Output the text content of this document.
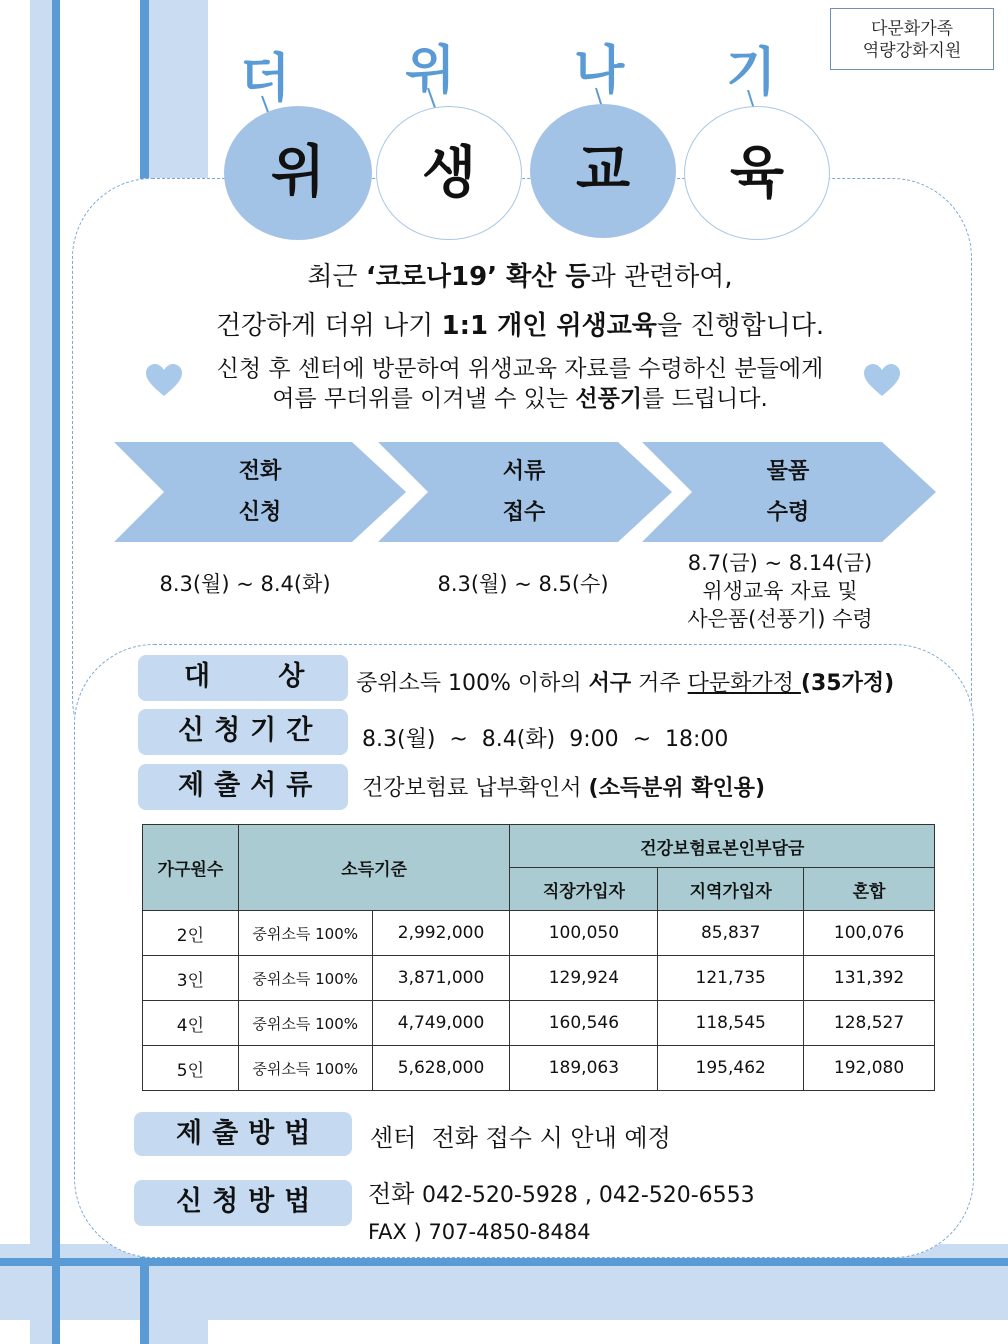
다문화가족
역량강화지원
더 위 나 기
육
교
생
위
최근 ‘코로나19’ 확산 등과 관련하여,
건강하게 더위 나기 1:1 개인 위생교육을 진행합니다.
신청 후 센터에 방문하여 위생교육 자료를 수령하신 분들에게
여름 무더위를 이겨낼 수 있는 선풍기를 드립니다.
전화
신청
서류
접수
물품
수령
8.3(월) ~ 8.4(화)	8.3(월) ~ 8.5(수)
8.7(금) ~ 8.14(금)
위생교육 자료 및
사은품(선풍기) 수령
대   상	중위소득 100% 이하의 서구 거주 다문화가정 (35가정)
신청기간	8.3(월)  ~  8.4(화)  9:00  ~  18:00
제출서류	건강보험료 납부확인서 (소득분위 확인용)
가구원수	소득기준		건강보험료본인부담금		
			직장가입자	지역가입자	혼합
2인	중위소득 100%	2,992,000	100,050	85,837	100,076
3인	중위소득 100%	3,871,000	129,924	121,735	131,392
4인	중위소득 100%	4,749,000	160,546	118,545	128,527
5인	중위소득 100%	5,628,000	189,063	195,462	192,080
제출방법	센터  전화 접수 시 안내 예정
신청방법	전화 042-520-5928 , 042-520-6553
FAX ) 707-4850-8484
